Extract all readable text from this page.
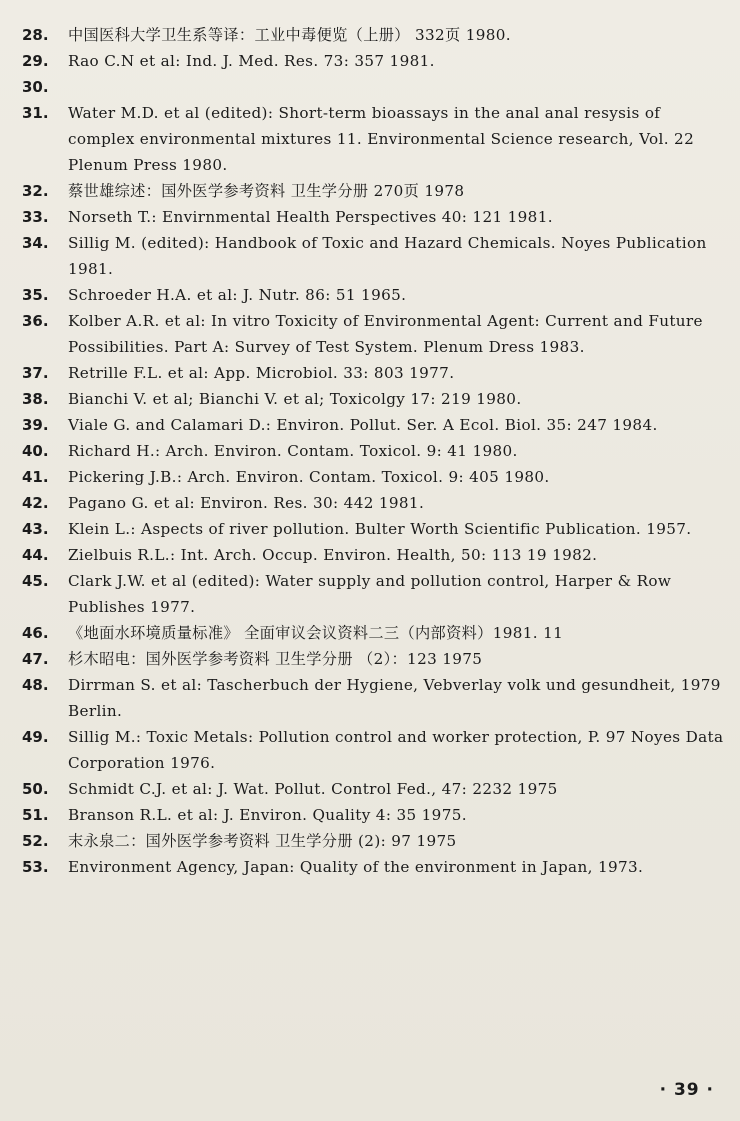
28.	中国医科大学卫生系等译：工业中毒便览（上册） 332页 1980.
29.	Rao C.N et al: Ind. J. Med. Res. 73: 357 1981.
30.
31.	Water M.D. et al (edited): Short-term bioassays in the anal anal resysis of complex environmental mixtures 11. Environmental Science research, Vol. 22 Plenum Press 1980.
32.	蔡世雄综述：国外医学参考资料 卫生学分册 270页 1978
33.	Norseth T.: Envirnmental Health Perspectives 40: 121 1981.
34.	Sillig M. (edited): Handbook of Toxic and Hazard Chemicals. Noyes Publication 1981.
35.	Schroeder H.A. et al: J. Nutr. 86: 51 1965.
36.	Kolber A.R. et al: In vitro Toxicity of Environmental Agent: Current and Future Possibilities. Part A: Survey of Test System. Plenum Dress 1983.
37.	Retrille F.L. et al: App. Microbiol. 33: 803 1977.
38.	Bianchi V. et al; Bianchi V. et al; Toxicolgy 17: 219 1980.
39.	Viale G. and Calamari D.: Environ. Pollut. Ser. A Ecol. Biol. 35: 247 1984.
40.	Richard H.: Arch. Environ. Contam. Toxicol. 9: 41 1980.
41.	Pickering J.B.: Arch. Environ. Contam. Toxicol. 9: 405 1980.
42.	Pagano G. et al: Environ. Res. 30: 442 1981.
43.	Klein L.: Aspects of river pollution. Bulter Worth Scientific Publication. 1957.
44.	Zielbuis R.L.: Int. Arch. Occup. Environ. Health, 50: 113 19 1982.
45.	Clark J.W. et al (edited): Water supply and pollution control, Harper & Row Publishes 1977.
46.	《地面水环境质量标准》 全面审议会议资料二三（内部资料）1981. 11
47.	杉木昭电：国外医学参考资料 卫生学分册 （2）：123 1975
48.	Dirrman S. et al: Tascherbuch der Hygiene, Vebverlay volk und gesundheit, 1979 Berlin.
49.	Sillig M.: Toxic Metals: Pollution control and worker protection, P. 97 Noyes Data Corporation 1976.
50.	Schmidt C.J. et al: J. Wat. Pollut. Control Fed., 47: 2232 1975
51.	Branson R.L. et al: J. Environ. Quality 4: 35 1975.
52.	末永泉二：国外医学参考资料 卫生学分册 (2): 97 1975
53.	Environment Agency, Japan: Quality of the environment in Japan, 1973.
· 39 ·
